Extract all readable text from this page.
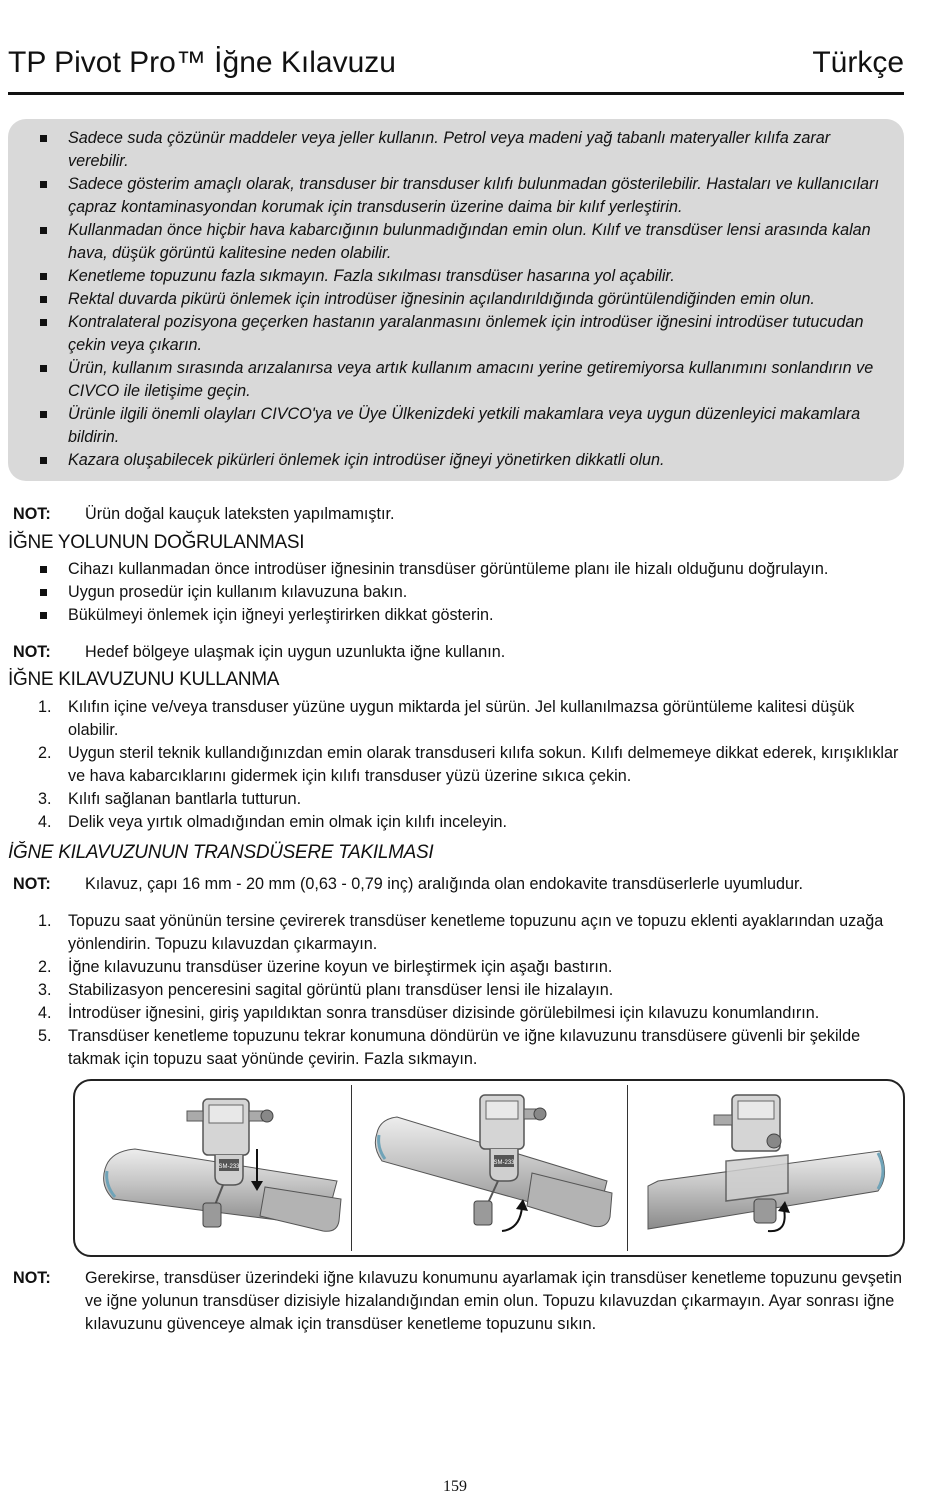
TP Pivot Pro™ İğne Kılavuzu	Türkçe
Sadece suda çözünür maddeler veya jeller kullanın. Petrol veya madeni yağ tabanlı materyaller kılıfa zarar verebilir.
Sadece gösterim amaçlı olarak, transduser bir transduser kılıfı bulunmadan gösterilebilir. Hastaları ve kullanıcıları çapraz kontaminasyondan korumak için transduserin üzerine daima bir kılıf yerleştirin.
Kullanmadan önce hiçbir hava kabarcığının bulunmadığından emin olun. Kılıf ve transdüser lensi arasında kalan hava, düşük görüntü kalitesine neden olabilir.
Kenetleme topuzunu fazla sıkmayın. Fazla sıkılması transdüser hasarına yol açabilir.
Rektal duvarda pikürü önlemek için introdüser iğnesinin açılandırıldığında görüntülendiğinden emin olun.
Kontralateral pozisyona geçerken hastanın yaralanmasını önlemek için introdüser iğnesini introdüser tutucudan çekin veya çıkarın.
Ürün, kullanım sırasında arızalanırsa veya artık kullanım amacını yerine getiremiyorsa kullanımını sonlandırın ve CIVCO ile iletişime geçin.
Ürünle ilgili önemli olayları CIVCO'ya ve Üye Ülkenizdeki yetkili makamlara veya uygun düzenleyici makamlara bildirin.
Kazara oluşabilecek pikürleri önlemek için introdüser iğneyi yönetirken dikkatli olun.
NOT: Ürün doğal kauçuk lateksten yapılmamıştır.
İĞNE YOLUNUN DOĞRULANMASI
Cihazı kullanmadan önce introdüser iğnesinin transdüser görüntüleme planı ile hizalı olduğunu doğrulayın.
Uygun prosedür için kullanım kılavuzuna bakın.
Bükülmeyi önlemek için iğneyi yerleştirirken dikkat gösterin.
NOT: Hedef bölgeye ulaşmak için uygun uzunlukta iğne kullanın.
İĞNE KILAVUZUNU KULLANMA
1. Kılıfın içine ve/veya transduser yüzüne uygun miktarda jel sürün. Jel kullanılmazsa görüntüleme kalitesi düşük olabilir.
2. Uygun steril teknik kullandığınızdan emin olarak transduseri kılıfa sokun. Kılıfı delmemeye dikkat ederek, kırışıklıklar ve hava kabarcıklarını gidermek için kılıfı transduser yüzü üzerine sıkıca çekin.
3. Kılıfı sağlanan bantlarla tutturun.
4. Delik veya yırtık olmadığından emin olmak için kılıfı inceleyin.
İĞNE KILAVUZUNUN TRANSDÜSERE TAKILMASI
NOT: Kılavuz, çapı 16 mm - 20 mm (0,63 - 0,79 inç) aralığında olan endokavite transdüserlerle uyumludur.
1. Topuzu saat yönünün tersine çevirerek transdüser kenetleme topuzunu açın ve topuzu eklenti ayaklarından uzağa yönlendirin. Topuzu kılavuzdan çıkarmayın.
2. İğne kılavuzunu transdüser üzerine koyun ve birleştirmek için aşağı bastırın.
3. Stabilizasyon penceresini sagital görüntü planı transdüser lensi ile hizalayın.
4. İntrodüser iğnesini, giriş yapıldıktan sonra transdüser dizisinde görülebilmesi için kılavuzu konumlandırın.
5. Transdüser kenetleme topuzunu tekrar konumuna döndürün ve iğne kılavuzunu transdüsere güvenli bir şekilde takmak için topuzu saat yönünde çevirin. Fazla sıkmayın.
SM-233
SM-233
NOT: Gerekirse, transdüser üzerindeki iğne kılavuzu konumunu ayarlamak için transdüser kenetleme topuzunu gevşetin ve iğne yolunun transdüser dizisiyle hizalandığından emin olun. Topuzu kılavuzdan çıkarmayın. Ayar sonrası iğne kılavuzunu güvenceye almak için transdüser kenetleme topuzunu sıkın.
159
